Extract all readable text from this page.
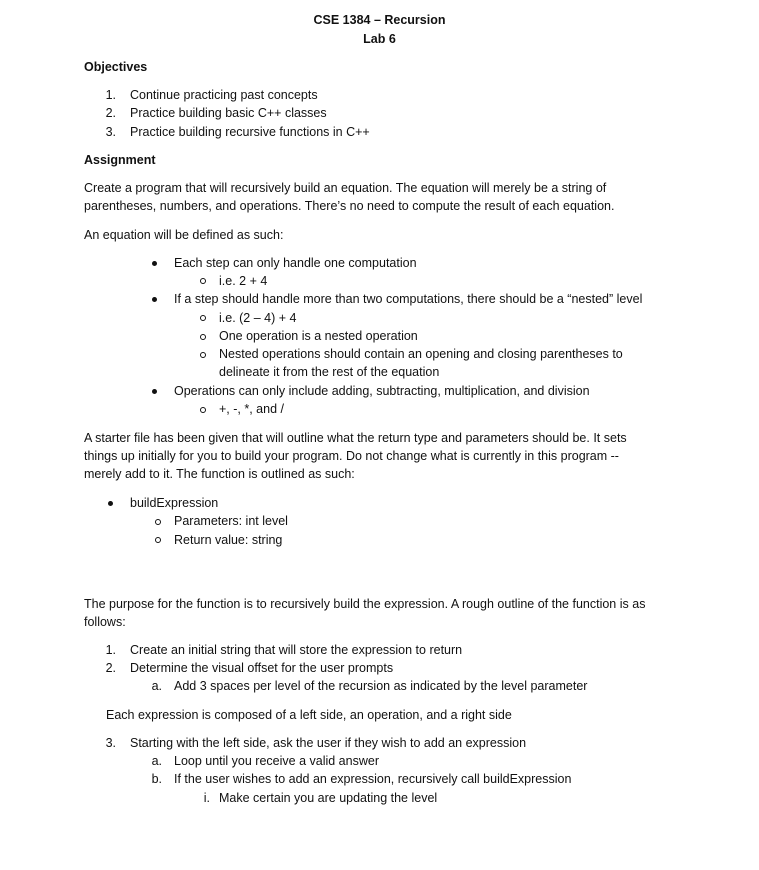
CSE 1384 – Recursion
Lab 6
Objectives
1. Continue practicing past concepts
2. Practice building basic C++ classes
3. Practice building recursive functions in C++
Assignment
Create a program that will recursively build an equation. The equation will merely be a string of
parentheses, numbers, and operations. There’s no need to compute the result of each equation.
An equation will be defined as such:
Each step can only handle one computation
i.e. 2 + 4
If a step should handle more than two computations, there should be a “nested” level
i.e. (2 – 4) + 4
One operation is a nested operation
Nested operations should contain an opening and closing parentheses to
delineate it from the rest of the equation
Operations can only include adding, subtracting, multiplication, and division
+, -, *, and /
A starter file has been given that will outline what the return type and parameters should be. It sets
things up initially for you to build your program. Do not change what is currently in this program --
merely add to it. The function is outlined as such:
buildExpression
Parameters: int level
Return value: string
The purpose for the function is to recursively build the expression. A rough outline of the function is as
follows:
1. Create an initial string that will store the expression to return
2. Determine the visual offset for the user prompts
a. Add 3 spaces per level of the recursion as indicated by the level parameter
Each expression is composed of a left side, an operation, and a right side
3. Starting with the left side, ask the user if they wish to add an expression
a. Loop until you receive a valid answer
b. If the user wishes to add an expression, recursively call buildExpression
i. Make certain you are updating the level
